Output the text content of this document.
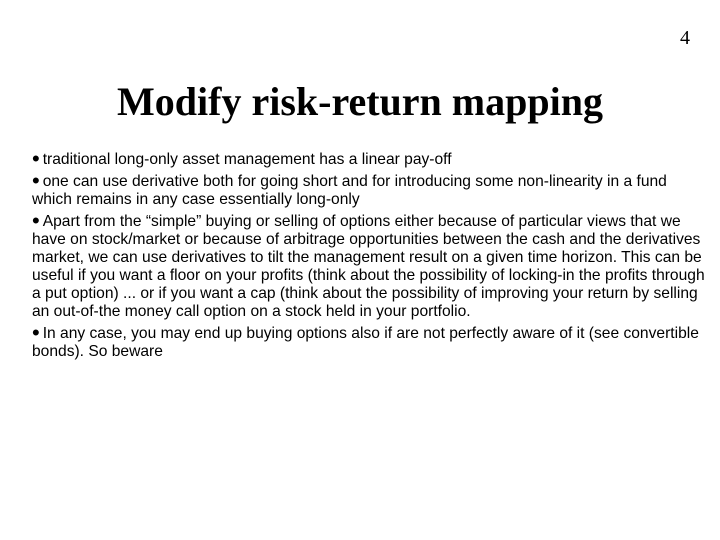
4
Modify risk-return mapping
• traditional long-only asset management has a linear pay-off
• one can use derivative both for going short and for introducing some non-linearity in a fund which remains in any case essentially long-only
• Apart from the “simple” buying or selling of options either because of particular views that we have on stock/market or because of arbitrage opportunities between the cash and the derivatives market, we can use derivatives to tilt the management result on a given time horizon. This can be useful if you want a floor on your profits (think about the possibility of locking-in the profits through a put option) ... or if you want a cap (think about the possibility of improving your return by selling an out-of-the money call option on a stock held in your portfolio.
• In any case, you may end up buying options also if are not perfectly aware of it (see convertible bonds). So beware
